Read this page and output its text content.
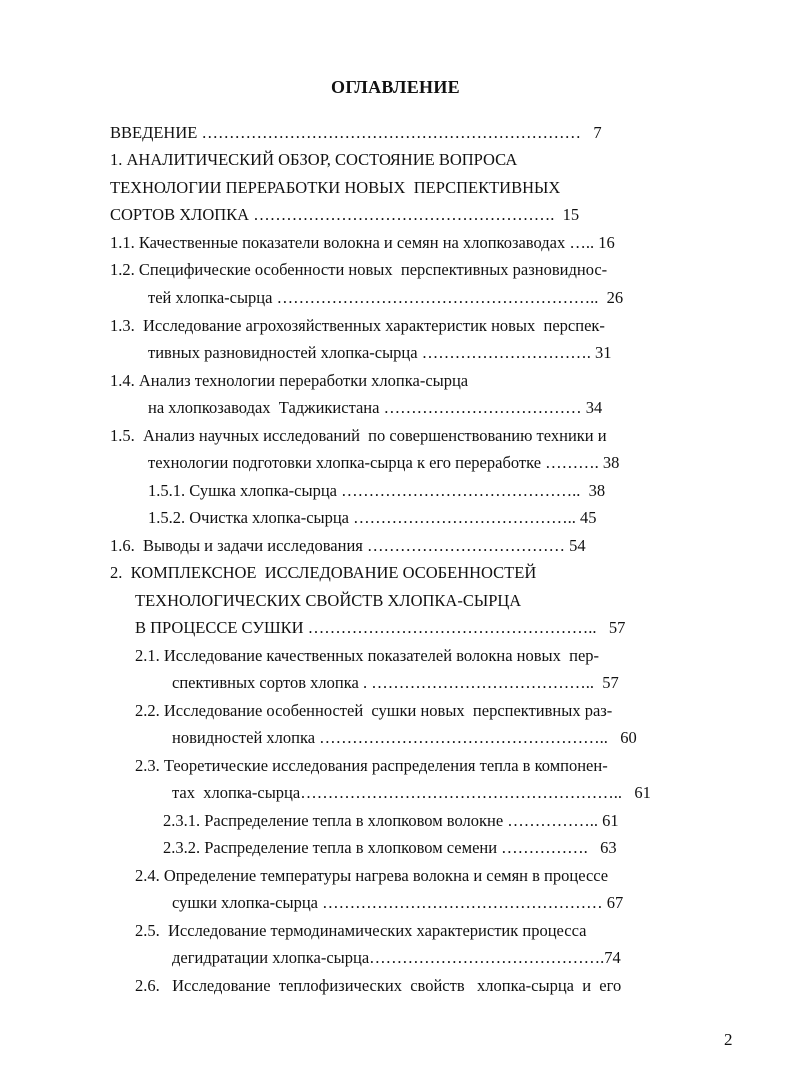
ОГЛАВЛЕНИЕ
ВВЕДЕНИЕ ……………………………………………………………   7
1. АНАЛИТИЧЕСКИЙ ОБЗОР, СОСТОЯНИЕ ВОПРОСА
ТЕХНОЛОГИИ ПЕРЕРАБОТКИ НОВЫХ  ПЕРСПЕКТИВНЫХ
СОРТОВ ХЛОПКА ……………………………………………….  15
1.1. Качественные показатели волокна и семян на хлопкозаводах ….. 16
1.2. Специфические особенности новых  перспективных разновиднос-
тей хлопка-сырца …………………………………………………..  26
1.3.  Исследование агрохозяйственных характеристик новых  перспек-
тивных разновидностей хлопка-сырца …………………………. 31
1.4. Анализ технологии переработки хлопка-сырца
на хлопкозаводах  Таджикистана ……………………………… 34
1.5.  Анализ научных исследований  по совершенствованию техники и
технологии подготовки хлопка-сырца к его переработке ………. 38
1.5.1. Сушка хлопка-сырца ……………………………………..  38
1.5.2. Очистка хлопка-сырца ………………………………….. 45
1.6.  Выводы и задачи исследования ……………………………… 54
2.  КОМПЛЕКСНОЕ  ИССЛЕДОВАНИЕ ОСОБЕННОСТЕЙ
ТЕХНОЛОГИЧЕСКИХ СВОЙСТВ ХЛОПКА-СЫРЦА
В ПРОЦЕССЕ СУШКИ ……………………………………………..   57
2.1. Исследование качественных показателей волокна новых  пер-
спективных сортов хлопка . …………………………………..  57
2.2. Исследование особенностей  сушки новых  перспективных раз-
новидностей хлопка ……………………………………………..   60
2.3. Теоретические исследования распределения тепла в компонен-
тах  хлопка-сырца…………………………………………………..   61
2.3.1. Распределение тепла в хлопковом волокне …………….. 61
2.3.2. Распределение тепла в хлопковом семени …………….   63
2.4. Определение температуры нагрева волокна и семян в процессе
сушки хлопка-сырца …………………………………………… 67
2.5.  Исследование термодинамических характеристик процесса
дегидратации хлопка-сырца…………………………………….74
2.6.   Исследование  теплофизических  свойств   хлопка-сырца  и  его
2
